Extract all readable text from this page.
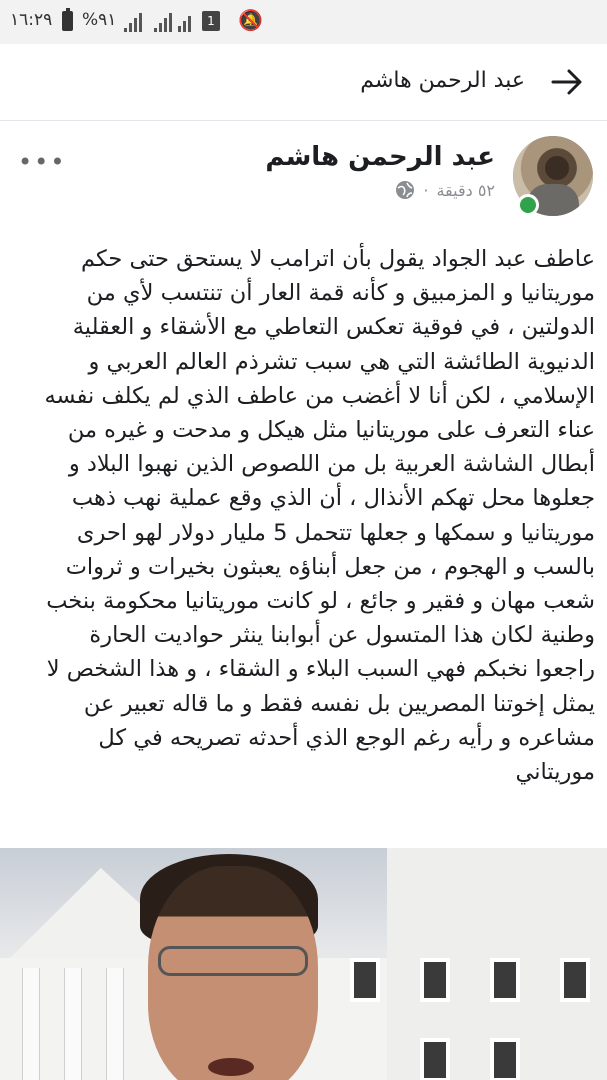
١٦:٢٩ %٩١	1 🔕
عبد الرحمن هاشم
عبد الرحمن هاشم
٥٢ دقيقة
·
•••

عاطف عبد الجواد يقول بأن اترامب لا يستحق حتى حكم موريتانيا و المزمبيق و كأنه قمة العار أن تنتسب لأي من الدولتين ، في فوقية تعكس التعاطي مع الأشقاء و العقلية الدنيوية الطائشة التي هي سبب تشرذم العالم العربي و الإسلامي ، لكن أنا لا أغضب من عاطف الذي لم يكلف نفسه عناء التعرف على موريتانيا مثل هيكل و مدحت و غيره من أبطال الشاشة العربية بل من اللصوص الذين نهبوا البلاد و جعلوها محل تهكم الأنذال ، أن الذي وقع عملية نهب ذهب موريتانيا و سمكها و جعلها تتحمل 5 مليار دولار لهو احرى بالسب و الهجوم ، من جعل أبناؤه يعبثون بخيرات و ثروات شعب مهان و فقير و جائع ، لو كانت موريتانيا محكومة بنخب وطنية لكان هذا المتسول عن أبوابنا ينثر حواديت الحارة

راجعوا نخبكم فهي السبب البلاء و الشقاء ، و هذا الشخص لا يمثل إخوتنا المصريين بل نفسه فقط و ما قاله تعبير عن مشاعره و رأيه رغم الوجع الذي أحدثه تصريحه في كل موريتاني
